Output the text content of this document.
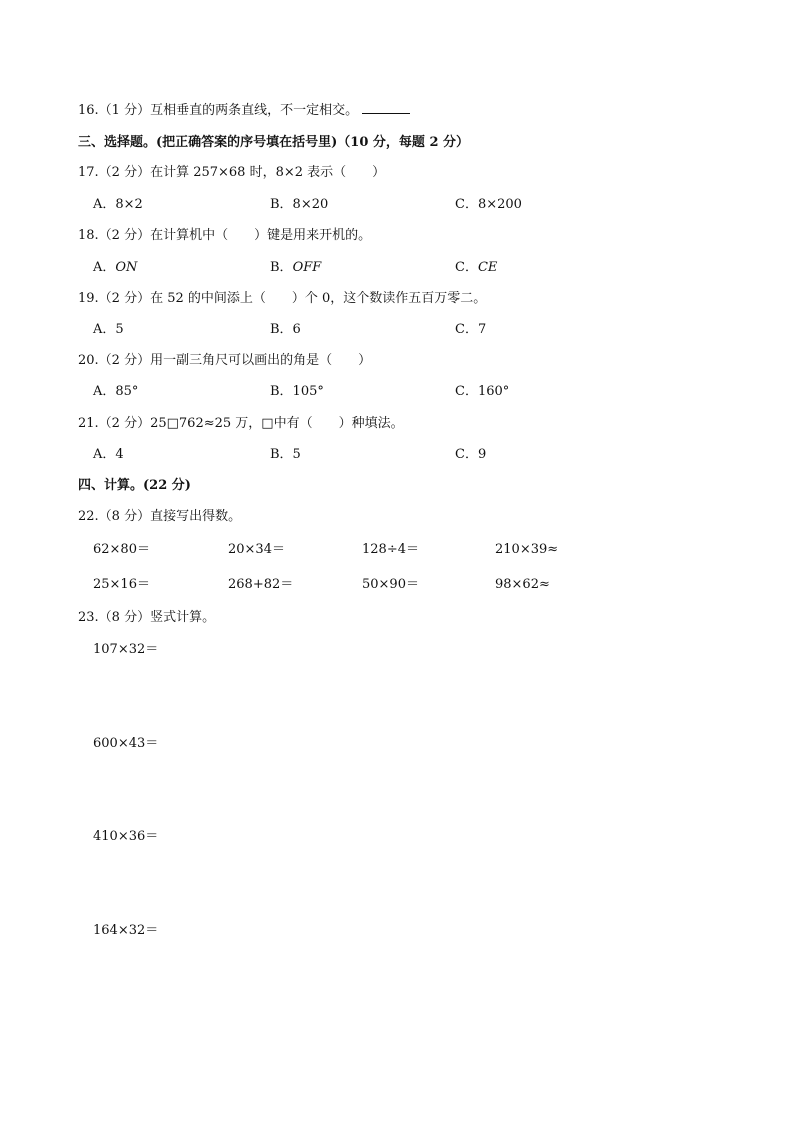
16.（1 分）互相垂直的两条直线，不一定相交。
三、选择题。(把正确答案的序号填在括号里)（10 分，每题 2 分）
17.（2 分）在计算 257×68 时，8×2 表示（　　）
A．8×2	B．8×20	C．8×200
18.（2 分）在计算机中（　　）键是用来开机的。
A．ON	B．OFF	C．CE
19.（2 分）在 52 的中间添上（　　）个 0，这个数读作五百万零二。
A．5	B．6	C．7
20.（2 分）用一副三角尺可以画出的角是（　　）
A．85°	B．105°	C．160°
21.（2 分）25□762≈25 万，□中有（　　）种填法。
A．4	B．5	C．9
四、计算。(22 分)
22.（8 分）直接写出得数。
62×80＝	20×34＝	128÷4＝	210×39≈
25×16＝	268+82＝	50×90＝	98×62≈
23.（8 分）竖式计算。
107×32＝
600×43＝
410×36＝
164×32＝
